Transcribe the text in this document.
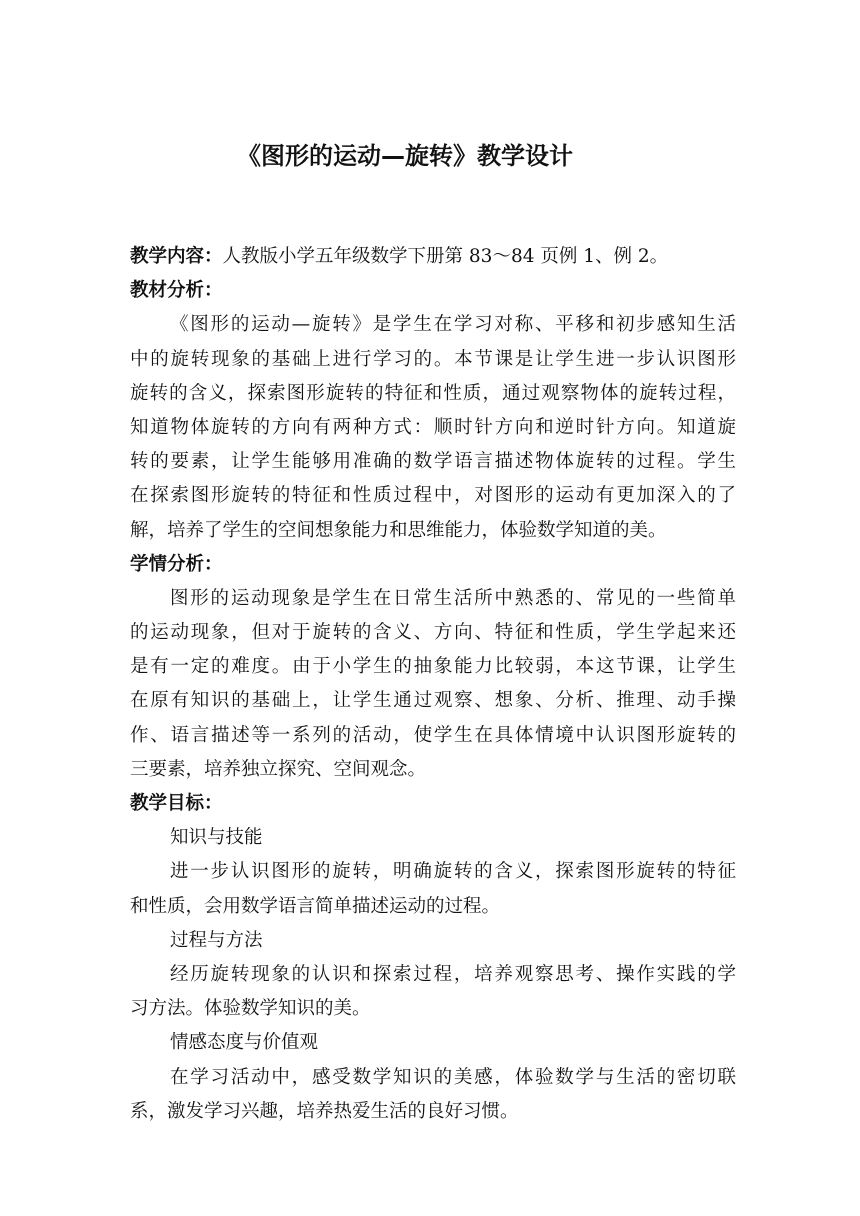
《图形的运动—旋转》教学设计
教学内容：人教版小学五年级数学下册第 83～84 页例 1、例 2。
教材分析：
《图形的运动—旋转》是学生在学习对称、平移和初步感知生活
中的旋转现象的基础上进行学习的。本节课是让学生进一步认识图形
旋转的含义，探索图形旋转的特征和性质，通过观察物体的旋转过程，
知道物体旋转的方向有两种方式：顺时针方向和逆时针方向。知道旋
转的要素，让学生能够用准确的数学语言描述物体旋转的过程。学生
在探索图形旋转的特征和性质过程中，对图形的运动有更加深入的了
解，培养了学生的空间想象能力和思维能力，体验数学知道的美。
学情分析：
图形的运动现象是学生在日常生活所中熟悉的、常见的一些简单
的运动现象，但对于旋转的含义、方向、特征和性质，学生学起来还
是有一定的难度。由于小学生的抽象能力比较弱，本这节课，让学生
在原有知识的基础上，让学生通过观察、想象、分析、推理、动手操
作、语言描述等一系列的活动，使学生在具体情境中认识图形旋转的
三要素，培养独立探究、空间观念。
教学目标：
知识与技能
进一步认识图形的旋转，明确旋转的含义，探索图形旋转的特征
和性质，会用数学语言简单描述运动的过程。
过程与方法
经历旋转现象的认识和探索过程，培养观察思考、操作实践的学
习方法。体验数学知识的美。
情感态度与价值观
在学习活动中，感受数学知识的美感，体验数学与生活的密切联
系，激发学习兴趣，培养热爱生活的良好习惯。
